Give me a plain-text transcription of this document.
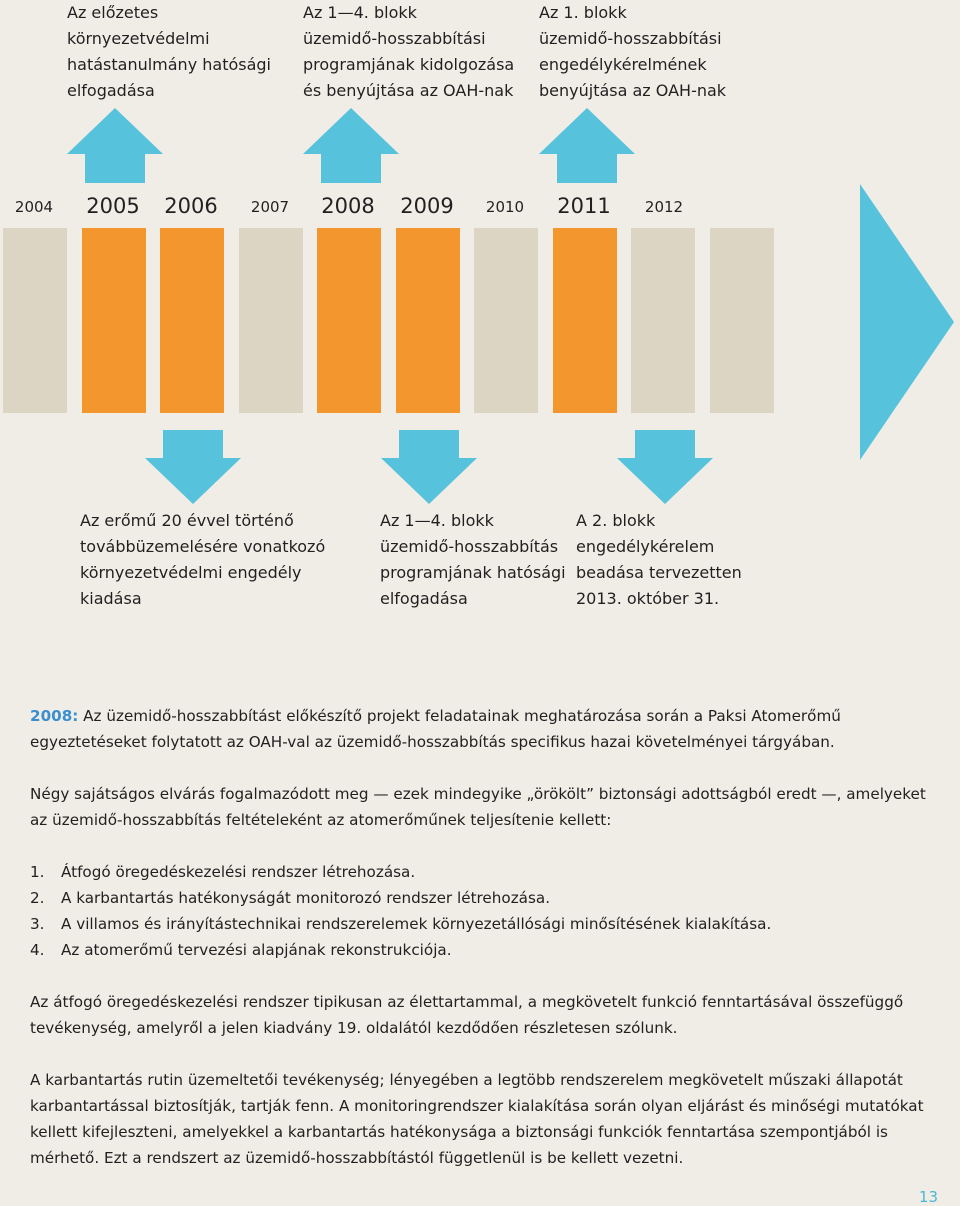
Az előzetes
környezetvédelmi
hatástanulmány hatósági
elfogadása
Az 1—4. blokk
üzemidő-hosszabbítási
programjának kidolgozása
és benyújtása az OAH-nak
Az 1. blokk
üzemidő-hosszabbítási
engedélykérelmének
benyújtása az OAH-nak
2004	2005	2006	2007	2008	2009	2010	2011	2012
Az erőmű 20 évvel történő
továbbüzemelésére vonatkozó
környezetvédelmi engedély
kiadása
Az 1—4. blokk
üzemidő-hosszabbítás
programjának hatósági
elfogadása
A 2. blokk
engedélykérelem
beadása tervezetten
2013. október 31.

2008: Az üzemidő-hosszabbítást előkészítő projekt feladatainak meghatározása során a Paksi Atomerőmű egyeztetéseket folytatott az OAH-val az üzemidő-hosszabbítás specifikus hazai követelményei tárgyában.

Négy sajátságos elvárás fogalmazódott meg — ezek mindegyike „örökölt” biztonsági adottságból eredt —, amelyeket az üzemidő-hosszabbítás feltételeként az atomerőműnek teljesítenie kellett:

1.	Átfogó öregedéskezelési rendszer létrehozása.
2.	A karbantartás hatékonyságát monitorozó rendszer létrehozása.
3.	A villamos és irányítástechnikai rendszerelemek környezetállósági minősítésének kialakítása.
4.	Az atomerőmű tervezési alapjának rekonstrukciója.

Az átfogó öregedéskezelési rendszer tipikusan az élettartammal, a megkövetelt funkció fenntartásával összefüggő tevékenység, amelyről a jelen kiadvány 19. oldalától kezdődően részletesen szólunk.

A karbantartás rutin üzemeltetői tevékenység; lényegében a legtöbb rendszerelem megkövetelt műszaki állapotát karbantartással biztosítják, tartják fenn. A monitoringrendszer kialakítása során olyan eljárást és minőségi mutatókat kellett kifejleszteni, amelyekkel a karbantartás hatékonysága a biztonsági funkciók fenntartása szempontjából is mérhető. Ezt a rendszert az üzemidő-hosszabbítástól függetlenül is be kellett vezetni.

13
